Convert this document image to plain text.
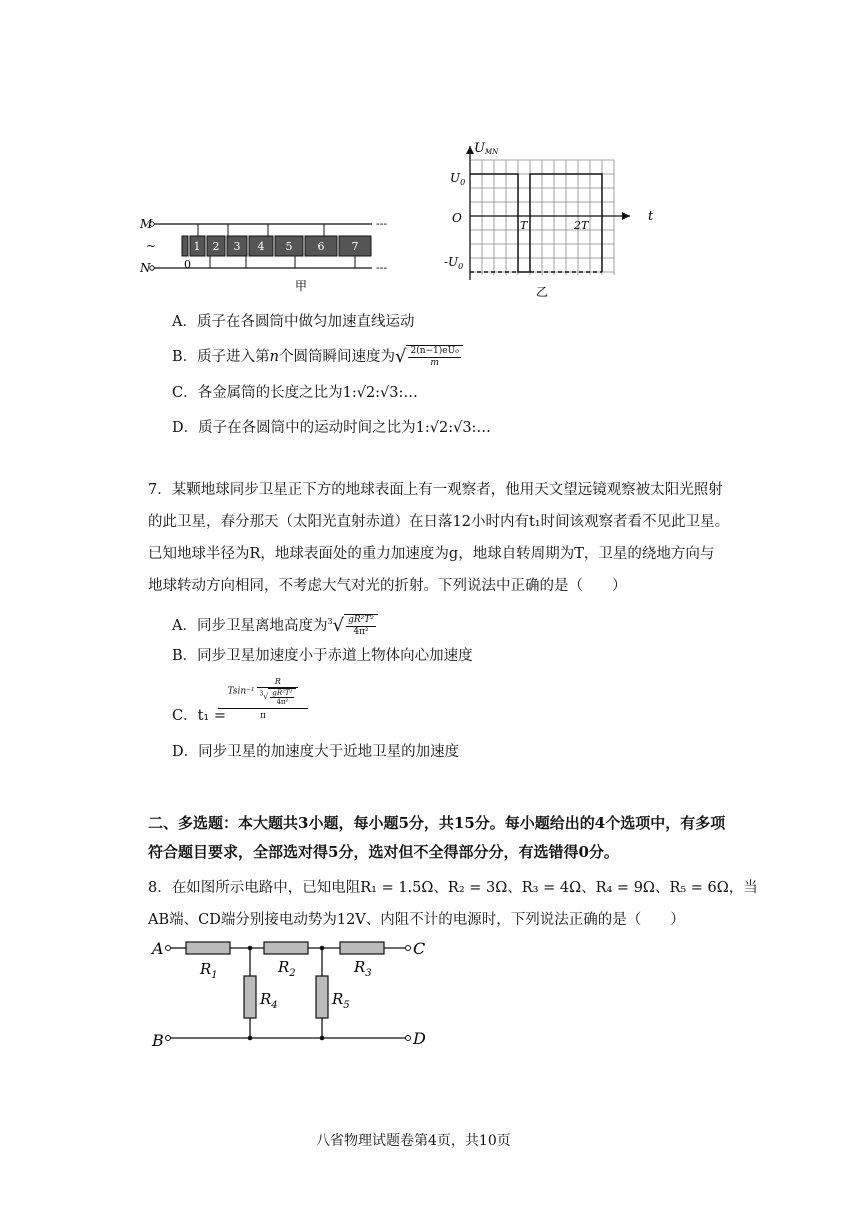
M
N
~
---
---
0
1 2 3 4 5 6 7
甲
UMN
t
$U_0$
O
$-U_0$
T	2T
乙
A．质子在各圆筒中做匀加速直线运动
B．质子进入第n个圆筒瞬间速度为√ $\frac{\text{2(n−1)eU₀}}{m}$
C．各金属筒的长度之比为1:√2:√3:…
D．质子在各圆筒中的运动时间之比为1:√2:√3:…
7．某颗地球同步卫星正下方的地球表面上有一观察者，他用天文望远镜观察被太阳光照射
的此卫星，春分那天（太阳光直射赤道）在日落12小时内有t₁时间该观察者看不见此卫星。
已知地球半径为R，地球表面处的重力加速度为g，地球自转周期为T，卫星的绕地方向与
地球转动方向相同，不考虑大气对光的折射。下列说法中正确的是（　　）
A．同步卫星离地高度为$^3√ \frac{\text{gR²T²}}{\text{4π²}}$
B．同步卫星加速度小于赤道上物体向心加速度
C．t₁ =
$Tsin^{-1} \frac{R}{^3√ \frac{\text{gR²T²}}{\text{4π²}}}$
π
D．同步卫星的加速度大于近地卫星的加速度
二、多选题：本大题共3小题，每小题5分，共15分。每小题给出的4个选项中，有多项
符合题目要求，全部选对得5分，选对但不全得部分分，有选错得0分。
8．在如图所示电路中，已知电阻R₁ = 1.5Ω、R₂ = 3Ω、R₃ = 4Ω、R₄ = 9Ω、R₅ = 6Ω，当
AB端、CD端分别接电动势为12V、内阻不计的电源时，下列说法正确的是（　　）
A
B
C
D
$R_1$	$R_2$	$R_3$
$R_4$	$R_5$
八省物理试题卷第4页，共10页
